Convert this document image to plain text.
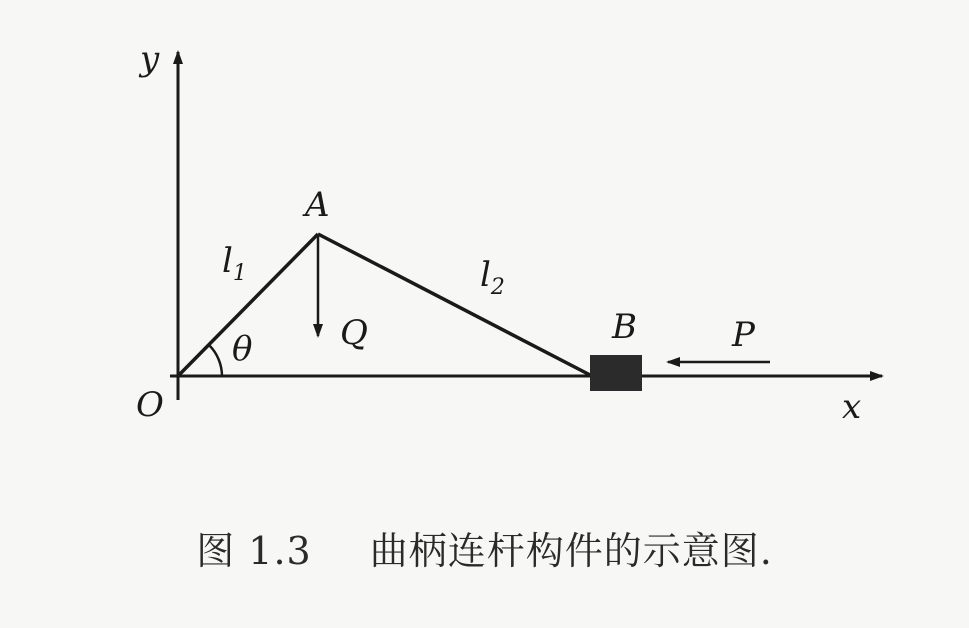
y
x
O
A
B
$l_1$	$l_2$
θ	Q	P
图 1.3 曲柄连杆构件的示意图.
